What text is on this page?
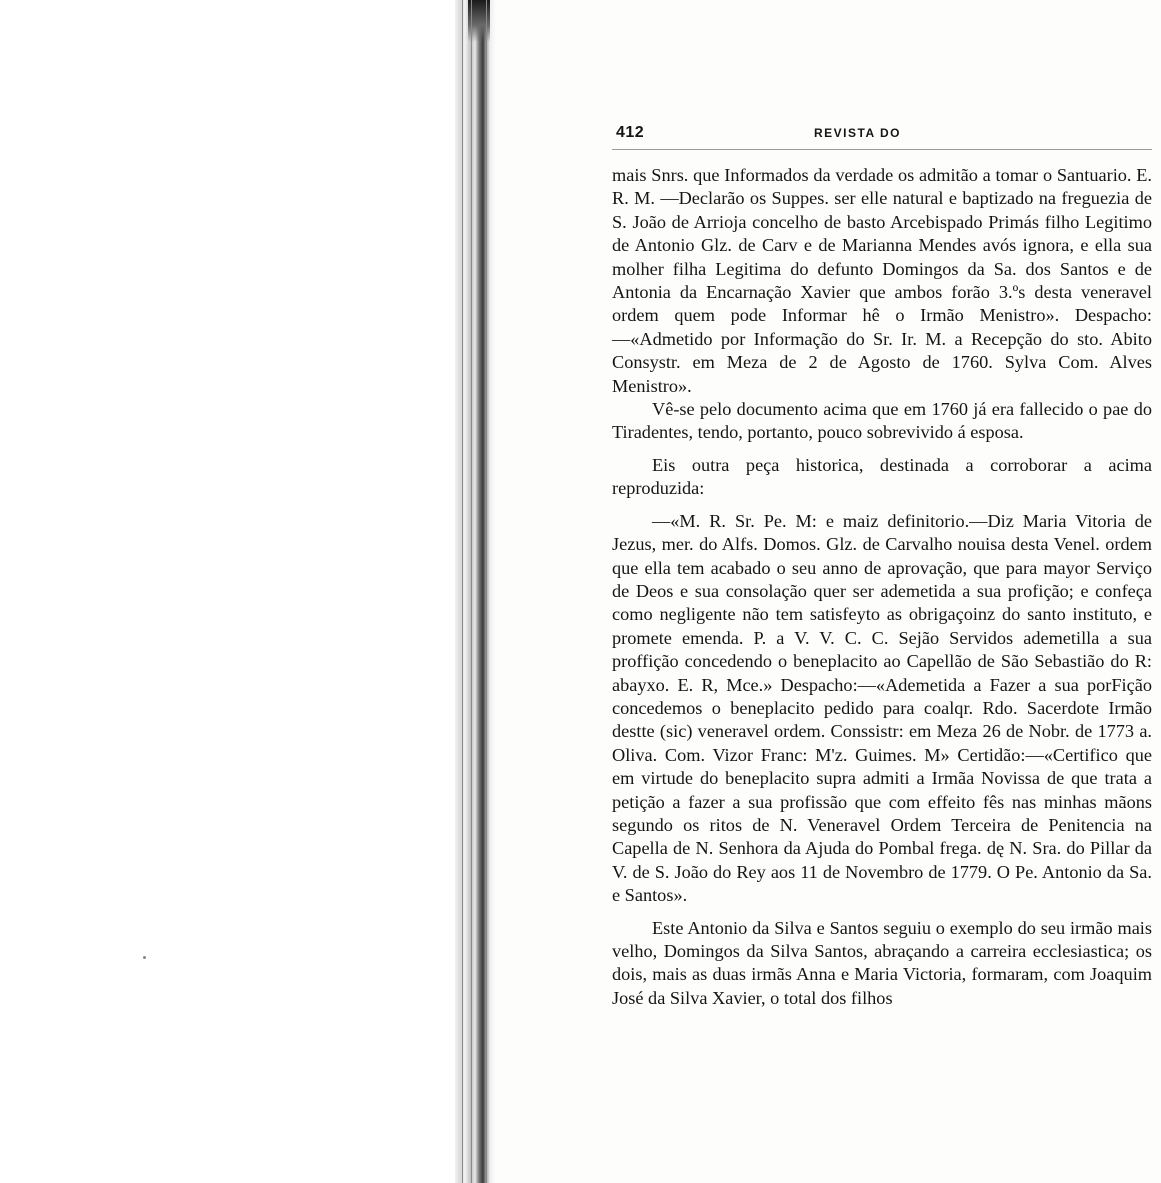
412	REVISTA DO

mais Snrs. que Informados da verdade os admitão a tomar o Santuario. E. R. M. —Declarão os Suppes. ser elle natural e baptizado na freguezia de S. João de Arrioja concelho de basto Arcebispado Primás filho Legitimo de Antonio Glz. de Carv e de Marianna Mendes avós ignora, e ella sua molher filha Legitima do defunto Domingos da Sa. dos Santos e de Antonia da Encarnação Xavier que ambos forão 3.ºs desta veneravel ordem quem pode Informar hê o Irmão Menistro». Despacho:—«Admetido por Informação do Sr. Ir. M. a Recepção do sto. Abito Consystr. em Meza de 2 de Agosto de 1760. Sylva Com. Alves Menistro».

Vê-se pelo documento acima que em 1760 já era fallecido o pae do Tiradentes, tendo, portanto, pouco sobrevivido á esposa.

Eis outra peça historica, destinada a corroborar a acima reproduzida:

—«M. R. Sr. Pe. M: e maiz definitorio.—Diz Maria Vitoria de Jezus, mer. do Alfs. Domos. Glz. de Carvalho nouisa desta Venel. ordem que ella tem acabado o seu anno de aprovação, que para mayor Serviço de Deos e sua consolação quer ser ademetida a sua profição; e confeça como negligente não tem satisfeyto as obrigaçoinz do santo instituto, e promete emenda. P. a V. V. C. C. Sejão Servidos ademetilla a sua proffição concedendo o beneplacito ao Capellão de São Sebastião do R: abayxo. E. R, Mce.» Despacho:—«Ademetida a Fazer a sua porFição concedemos o beneplacito pedido para coalqr. Rdo. Sacerdote Irmão destte (sic) veneravel ordem. Conssistr: em Meza 26 de Nobr. de 1773 a. Oliva. Com. Vizor Franc: M'z. Guimes. M» Certidão:—«Certifico que em virtude do beneplacito supra admiti a Irmãa Novissa de que trata a petição a fazer a sua profissão que com effeito fês nas minhas mãons segundo os ritos de N. Veneravel Ordem Terceira de Penitencia na Capella de N. Senhora da Ajuda do Pombal frega. dę N. Sra. do Pillar da V. de S. João do Rey aos 11 de Novembro de 1779. O Pe. Antonio da Sa. e Santos».

Este Antonio da Silva e Santos seguiu o exemplo do seu irmão mais velho, Domingos da Silva Santos, abraçando a carreira ecclesiastica; os dois, mais as duas irmãs Anna e Maria Victoria, formaram, com Joaquim José da Silva Xavier, o total dos filhos
